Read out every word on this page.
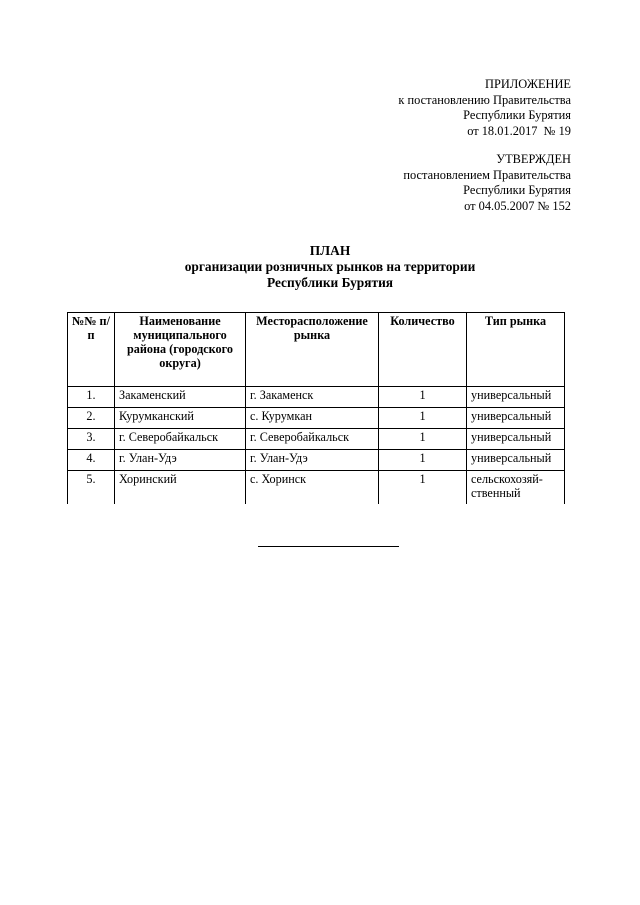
ПРИЛОЖЕНИЕ
к постановлению Правительства
Республики Бурятия
от 18.01.2017  № 19
УТВЕРЖДЕН
постановлением Правительства
Республики Бурятия
от 04.05.2007 № 152
ПЛАН
организации розничных рынков на территории
Республики Бурятия
№№ п/п	Наименование муниципального района (городского округа)	Месторасположение рынка	Количество	Тип рынка
1.	Закаменский	г. Закаменск	1	универсальный
2.	Курумканский	с. Курумкан	1	универсальный
3.	г. Северобайкальск	г. Северобайкальск	1	универсальный
4.	г. Улан-Удэ	г. Улан-Удэ	1	универсальный
5.	Хоринский	с. Хоринск	1	сельскохозяй-ственный
